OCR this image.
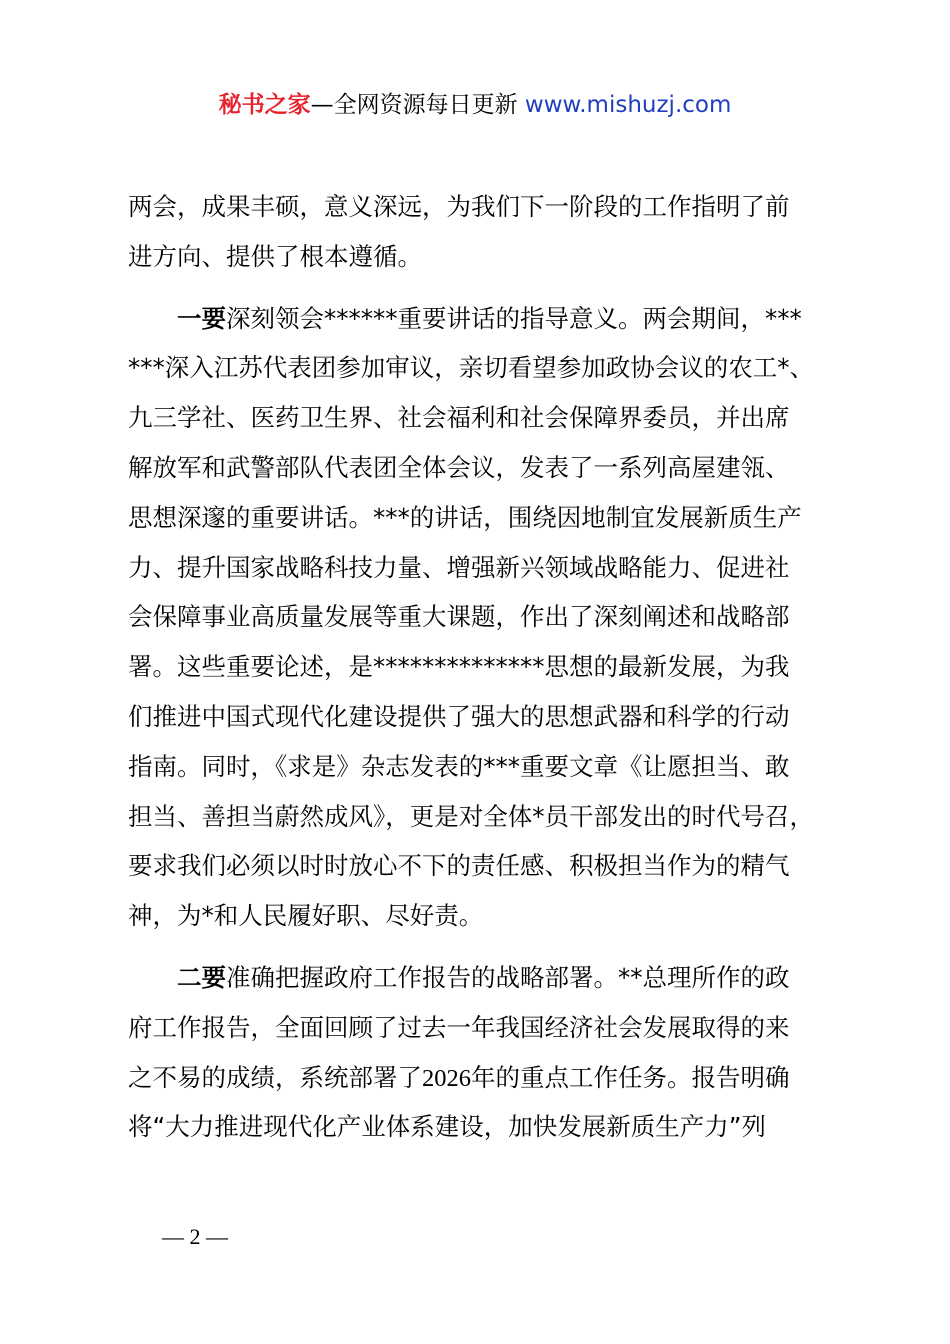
秘书之家—全网资源每日更新 www.mishuzj.com
两会，成果丰硕，意义深远，为我们下一阶段的工作指明了前
进方向、提供了根本遵循。
一要深刻领会******重要讲话的指导意义。两会期间，***
***深入江苏代表团参加审议，亲切看望参加政协会议的农工*、
九三学社、医药卫生界、社会福利和社会保障界委员，并出席
解放军和武警部队代表团全体会议，发表了一系列高屋建瓴、
思想深邃的重要讲话。***的讲话，围绕因地制宜发展新质生产
力、提升国家战略科技力量、增强新兴领域战略能力、促进社
会保障事业高质量发展等重大课题，作出了深刻阐述和战略部
署。这些重要论述，是**************思想的最新发展，为我
们推进中国式现代化建设提供了强大的思想武器和科学的行动
指南。同时，《求是》杂志发表的***重要文章《让愿担当、敢
担当、善担当蔚然成风》，更是对全体*员干部发出的时代号召，
要求我们必须以时时放心不下的责任感、积极担当作为的精气
神，为*和人民履好职、尽好责。
二要准确把握政府工作报告的战略部署。**总理所作的政
府工作报告，全面回顾了过去一年我国经济社会发展取得的来
之不易的成绩，系统部署了2026年的重点工作任务。报告明确
将“大力推进现代化产业体系建设，加快发展新质生产力”列
— 2 —
